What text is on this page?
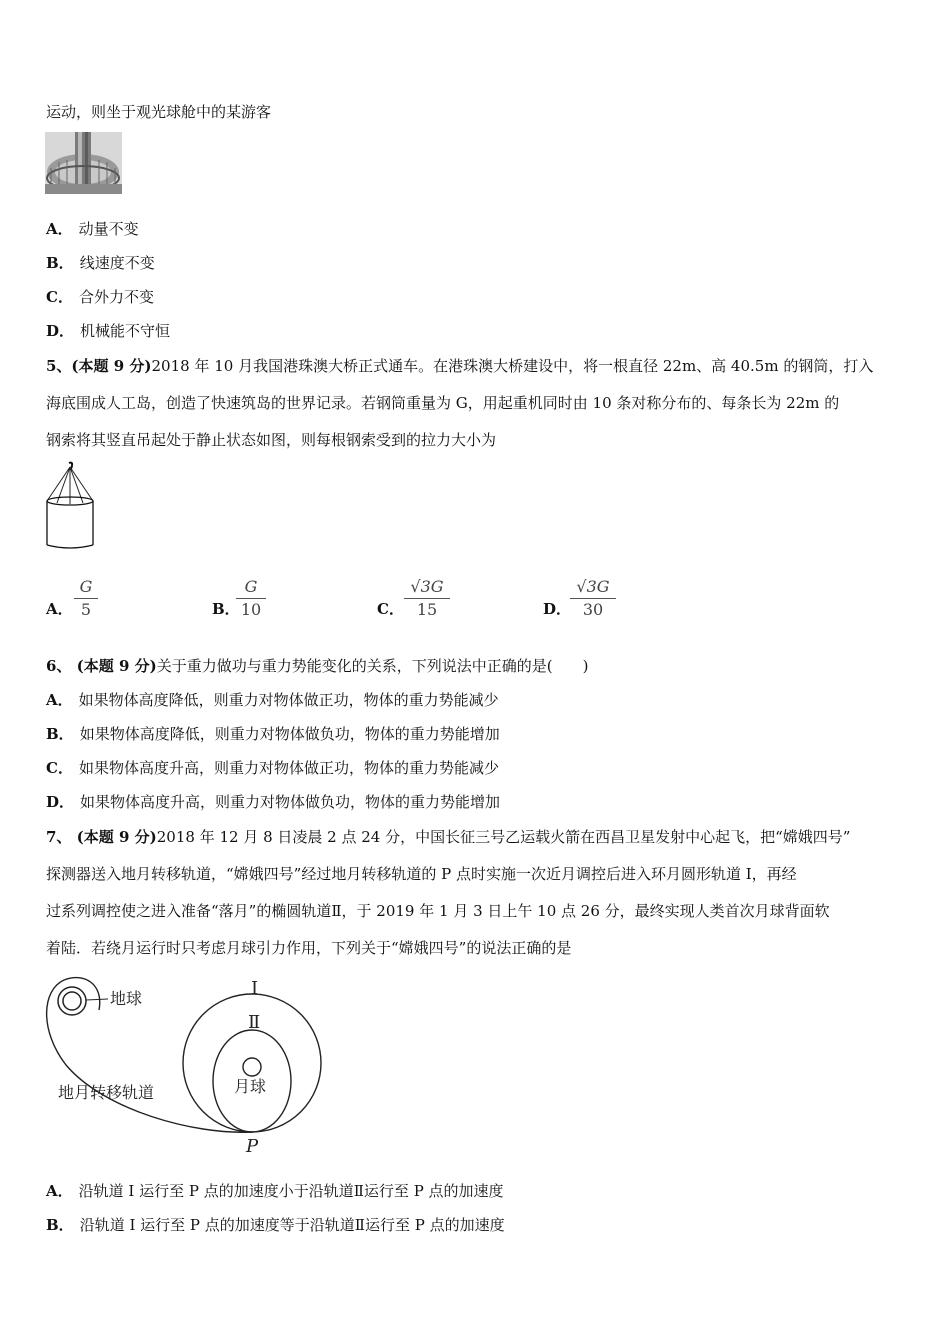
运动，则坐于观光球舱中的某游客
A． 动量不变
B． 线速度不变
C． 合外力不变
D． 机械能不守恒
5、(本题 9 分)2018 年 10 月我国港珠澳大桥正式通车。在港珠澳大桥建设中，将一根直径 22m、高 40.5m 的钢筒，打入
海底围成人工岛，创造了快速筑岛的世界记录。若钢筒重量为 G，用起重机同时由 10 条对称分布的、每条长为 22m 的
钢索将其竖直吊起处于静止状态如图，则每根钢索受到的拉力大小为
A． $\frac{G}{5}$	B．
$\frac{G}{10}$	C． $\frac{√3G}{15}$	D．
$\frac{√3G}{30}$
6、 (本题 9 分)关于重力做功与重力势能变化的关系，下列说法中正确的是(　　)
A． 如果物体高度降低，则重力对物体做正功，物体的重力势能减少
B． 如果物体高度降低，则重力对物体做负功，物体的重力势能增加
C． 如果物体高度升高，则重力对物体做正功，物体的重力势能减少
D． 如果物体高度升高，则重力对物体做负功，物体的重力势能增加
7、 (本题 9 分)2018 年 12 月 8 日凌晨 2 点 24 分，中国长征三号乙运载火箭在西昌卫星发射中心起飞，把“嫦娥四号”
探测器送入地月转移轨道，“嫦娥四号”经过地月转移轨道的 P 点时实施一次近月调控后进入环月圆形轨道 I，再经
过系列调控使之进入准备“落月”的椭圆轨道Ⅱ，于 2019 年 1 月 3 日上午 10 点 26 分，最终实现人类首次月球背面软
着陆．若绕月运行时只考虑月球引力作用，下列关于“嫦娥四号”的说法正确的是
地球
地月转移轨道
I
Ⅱ
月球
P
A． 沿轨道 I 运行至 P 点的加速度小于沿轨道Ⅱ运行至 P 点的加速度
B． 沿轨道 I 运行至 P 点的加速度等于沿轨道Ⅱ运行至 P 点的加速度
